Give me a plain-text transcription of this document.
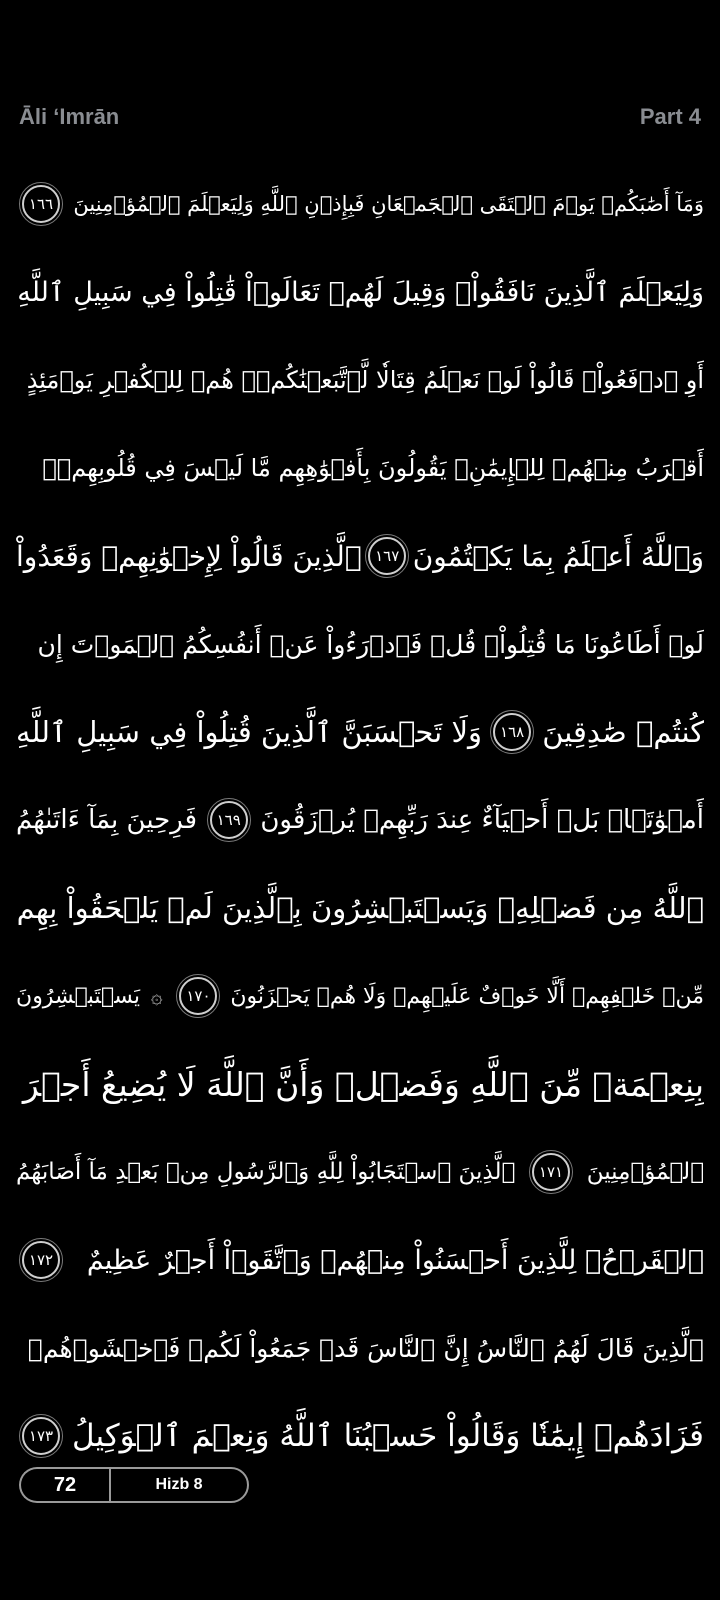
Āli ʻImrān	Part 4
وَمَآ أَصَٰبَكُمۡ يَوۡمَ ٱلۡتَقَى ٱلۡجَمۡعَانِ فَبِإِذۡنِ ٱللَّهِ وَلِيَعۡلَمَ ٱلۡمُؤۡمِنِينَ
١٦٦
وَلِيَعۡلَمَ ٱلَّذِينَ نَافَقُواْۚ وَقِيلَ لَهُمۡ تَعَالَوۡاْ قَٰتِلُواْ فِي سَبِيلِ ٱللَّهِ
أَوِ ٱدۡفَعُواْۖ قَالُواْ لَوۡ نَعۡلَمُ قِتَالٗا لَّٱتَّبَعۡنَٰكُمۡۗ هُمۡ لِلۡكُفۡرِ يَوۡمَئِذٍ
أَقۡرَبُ مِنۡهُمۡ لِلۡإِيمَٰنِۚ يَقُولُونَ بِأَفۡوَٰهِهِم مَّا لَيۡسَ فِي قُلُوبِهِمۡۚ
وَٱللَّهُ أَعۡلَمُ بِمَا يَكۡتُمُونَ
١٦٧
ٱلَّذِينَ قَالُواْ لِإِخۡوَٰنِهِمۡ وَقَعَدُواْ
لَوۡ أَطَاعُونَا مَا قُتِلُواْۗ قُلۡ فَٱدۡرَءُواْ عَنۡ أَنفُسِكُمُ ٱلۡمَوۡتَ إِن
كُنتُمۡ صَٰدِقِينَ
١٦٨
وَلَا تَحۡسَبَنَّ ٱلَّذِينَ قُتِلُواْ فِي سَبِيلِ ٱللَّهِ
أَمۡوَٰتَۢاۚ بَلۡ أَحۡيَآءٌ عِندَ رَبِّهِمۡ يُرۡزَقُونَ
١٦٩
فَرِحِينَ بِمَآ ءَاتَىٰهُمُ
ٱللَّهُ مِن فَضۡلِهِۦ وَيَسۡتَبۡشِرُونَ بِٱلَّذِينَ لَمۡ يَلۡحَقُواْ بِهِم
مِّنۡ خَلۡفِهِمۡ أَلَّا خَوۡفٌ عَلَيۡهِمۡ وَلَا هُمۡ يَحۡزَنُونَ
١٧٠
۞
يَسۡتَبۡشِرُونَ
بِنِعۡمَةٖ مِّنَ ٱللَّهِ وَفَضۡلٖ وَأَنَّ ٱللَّهَ لَا يُضِيعُ أَجۡرَ
ٱلۡمُؤۡمِنِينَ
١٧١
ٱلَّذِينَ ٱسۡتَجَابُواْ لِلَّهِ وَٱلرَّسُولِ مِنۢ بَعۡدِ مَآ أَصَابَهُمُ
ٱلۡقَرۡحُۚ لِلَّذِينَ أَحۡسَنُواْ مِنۡهُمۡ وَٱتَّقَوۡاْ أَجۡرٌ عَظِيمٌ
١٧٢
ٱلَّذِينَ قَالَ لَهُمُ ٱلنَّاسُ إِنَّ ٱلنَّاسَ قَدۡ جَمَعُواْ لَكُمۡ فَٱخۡشَوۡهُمۡ
فَزَادَهُمۡ إِيمَٰنٗا وَقَالُواْ حَسۡبُنَا ٱللَّهُ وَنِعۡمَ ٱلۡوَكِيلُ
١٧٣
72	Hizb 8
